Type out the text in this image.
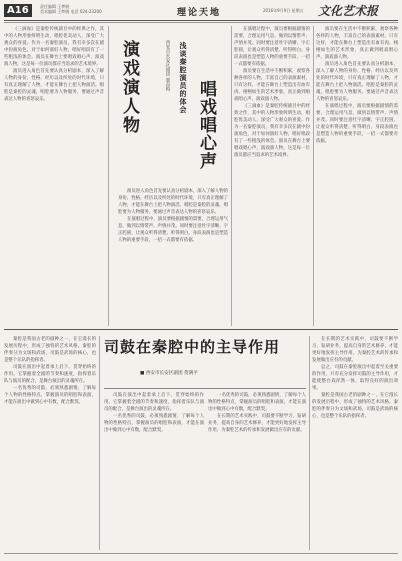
A16	责任编辑 王梦晓
美术编辑 王梦晓 电话 024-23200	理论天地	2016年9月9日 星期五 文化艺术报

《三滴血》是秦腔传统剧目中的经典之作，其中的人物形象鲜明生动，唱腔优美动人，深受广大观众的喜爱。作为一名秦腔演员，我有幸多次在剧中扮演角色，对于如何演好人物、唱好唱段有了一些粗浅的体会。演员在舞台上要唱戏唱心声，演戏演人物，这是每一位演员都应当追求的艺术境界。

演员进入角色首先要认真分析剧本，深入了解人物的身份、性格、经历以及所处的时代环境，只有真正理解了人物，才能在舞台上把人物演活。唱腔是秦腔的灵魂，唱腔要为人物服务，要通过声音表达人物的喜怒哀乐。	演戏演人物	唱戏唱心声
浅谈秦腔演员的体会
西安市长安区剧团 惠奋梅

演员进入角色首先要认真分析剧本，深入了解人物的身份、性格、经历以及所处的时代环境，只有真正理解了人物，才能在舞台上把人物演活。唱腔是秦腔的灵魂，唱腔要为人物服务，要通过声音表达人物的喜怒哀乐。

在演唱过程中，演员要根据剧情的需要，合理运用气息，做到以情带声、声情并茂。同时要注意吐字清晰、字正腔圆，让观众听得清楚、听得明白。身段表演也是塑造人物的重要手段，一招一式都要有依据。

在演唱过程中，演员要根据剧情的需要，合理运用气息，做到以情带声、声情并茂。同时要注意吐字清晰、字正腔圆，让观众听得清楚、听得明白。身段表演也是塑造人物的重要手段，一招一式都要有依据。

演员要在生活中不断积累，观察各种各样的人物，丰富自己的表演素材。只有这样，才能在舞台上塑造出有血有肉、栩栩如生的艺术形象，真正做到唱戏唱心声、演戏演人物。

《三滴血》是秦腔传统剧目中的经典之作，其中的人物形象鲜明生动，唱腔优美动人，深受广大观众的喜爱。作为一名秦腔演员，我有幸多次在剧中扮演角色，对于如何演好人物、唱好唱段有了一些粗浅的体会。演员在舞台上要唱戏唱心声，演戏演人物，这是每一位演员都应当追求的艺术境界。

演员要在生活中不断积累，观察各种各样的人物，丰富自己的表演素材。只有这样，才能在舞台上塑造出有血有肉、栩栩如生的艺术形象，真正做到唱戏唱心声、演戏演人物。

演员进入角色首先要认真分析剧本，深入了解人物的身份、性格、经历以及所处的时代环境，只有真正理解了人物，才能在舞台上把人物演活。唱腔是秦腔的灵魂，唱腔要为人物服务，要通过声音表达人物的喜怒哀乐。

在演唱过程中，演员要根据剧情的需要，合理运用气息，做到以情带声、声情并茂。同时要注意吐字清晰、字正腔圆，让观众听得清楚、听得明白。身段表演也是塑造人物的重要手段，一招一式都要有依据。

秦腔是我国古老的剧种之一，在它漫长的发展历程中，形成了独特的艺术风格。秦腔的伴奏分为文场和武场，司鼓是武场的核心，也是整个乐队的指挥者。

司鼓在演出中起着承上启下、贯穿始终的作用。它掌握着全剧的节奏和速度，指挥着乐队与演员的配合，是舞台演出的灵魂所在。

一名优秀的司鼓，必须熟悉剧情，了解每个人物的性格特点，掌握演员的唱腔和表演，才能在演出中做到心中有数，配合默契。

司鼓在秦腔中的主导作用
■ 西安市长安区剧团 贺满平

司鼓在演出中起着承上启下、贯穿始终的作用。它掌握着全剧的节奏和速度，指挥着乐队与演员的配合，是舞台演出的灵魂所在。

一名优秀的司鼓，必须熟悉剧情，了解每个人物的性格特点，掌握演员的唱腔和表演，才能在演出中做到心中有数，配合默契。

一名优秀的司鼓，必须熟悉剧情，了解每个人物的性格特点，掌握演员的唱腔和表演，才能在演出中做到心中有数，配合默契。

在长期的艺术实践中，司鼓要不断学习，钻研业务，提高自身的艺术修养，才能更好地发挥主导作用，为秦腔艺术的传承和发展做出应有的贡献。

在长期的艺术实践中，司鼓要不断学习，钻研业务，提高自身的艺术修养，才能更好地发挥主导作用，为秦腔艺术的传承和发展做出应有的贡献。

总之，司鼓在秦腔演出中起着至关重要的作用，只有充分发挥司鼓的主导作用，才能使整台戏浑然一体，取得良好的演出效果。

秦腔是我国古老的剧种之一，在它漫长的发展历程中，形成了独特的艺术风格。秦腔的伴奏分为文场和武场，司鼓是武场的核心，也是整个乐队的指挥者。
